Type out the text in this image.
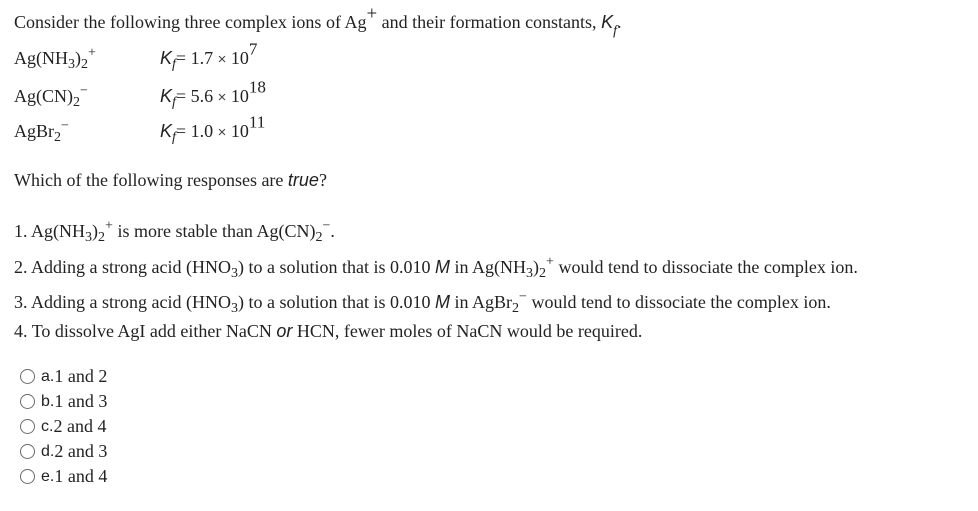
Consider the following three complex ions of Ag+ and their formation constants, $K_f$.
$Ag(NH_3)_2^+$	$K_f= 1.7 \times 10^7$
$Ag(CN)_2^-$	$K_f= 5.6 \times 10^{18}$
AgBr$_2$−	$K_f= 1.0 \times 10^{11}$
Which of the following responses are true?
1. $Ag(NH_3)_2^+$ is more stable than $Ag(CN)_2^-$.
2. Adding a strong acid $(HNO_3)$ to a solution that is 0.010 M in $Ag(NH_3)_2^+$ would tend to dissociate the complex ion.
3. Adding a strong acid $(HNO_3)$ to a solution that is 0.010 M in AgBr$_2$− would tend to dissociate the complex ion.
4. To dissolve AgI add either NaCN or HCN, fewer moles of NaCN would be required.
a. 1 and 2
b. 1 and 3
c. 2 and 4
d. 2 and 3
e. 1 and 4
